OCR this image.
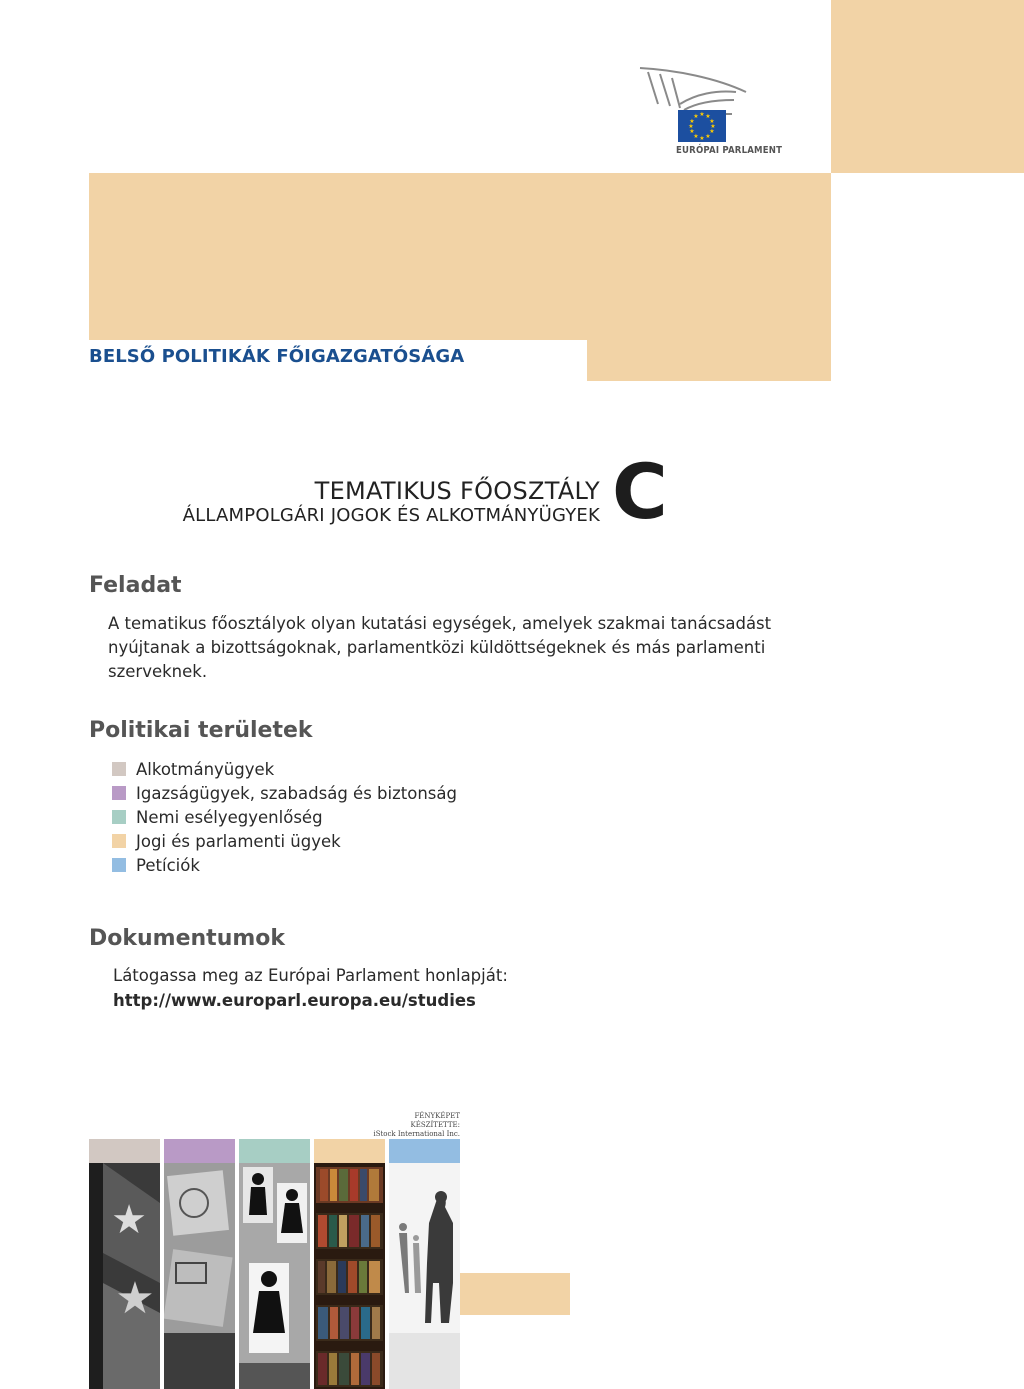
★ ★
★
★
★
★
★
★
★
★
★
★
EURÓPAI PARLAMENT
BELSŐ POLITIKÁK FŐIGAZGATÓSÁGA
TEMATIKUS FŐOSZTÁLY
ÁLLAMPOLGÁRI JOGOK ÉS ALKOTMÁNYÜGYEK C
Feladat
A tematikus főosztályok olyan kutatási egységek, amelyek szakmai tanácsadást nyújtanak a bizottságoknak, parlamentközi küldöttségeknek és más parlamenti szerveknek.
Politikai területek
Alkotmányügyek
Igazságügyek, szabadság és biztonság
Nemi esélyegyenlőség
Jogi és parlamenti ügyek
Petíciók
Dokumentumok
Látogassa meg az Európai Parlament honlapját:
http://www.europarl.europa.eu/studies
FÉNYKÉPET KÉSZÍTETTE:
iStock International Inc.
★
★
